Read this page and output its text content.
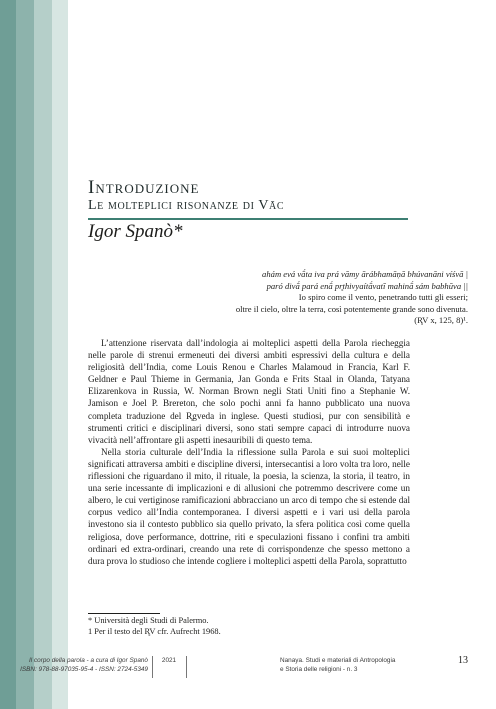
Introduzione
Le molteplici risonanze di Vāc
Igor Spanò*
ahám evá vā́ta iva prá vāmy ārábhamāṇā bhúvanāni víśvā |
paró divā́ pará enā́ pr̥thivyaítā́vatī mahinā́ sám babhūva ||
Io spiro come il vento, penetrando tutti gli esseri;
oltre il cielo, oltre la terra, così potentemente grande sono divenuta.
(R̥V x, 125, 8)¹.

L’attenzione riservata dall’indologia ai molteplici aspetti della Parola riecheggia nelle parole di strenui ermeneuti dei diversi ambiti espressivi della cultura e della religiosità dell’India, come Louis Renou e Charles Malamoud in Francia, Karl F. Geldner e Paul Thieme in Germania, Jan Gonda e Frits Staal in Olanda, Tatyana Elizarenkova in Russia, W. Norman Brown negli Stati Uniti fino a Stephanie W. Jamison e Joel P. Brereton, che solo pochi anni fa hanno pubblicato una nuova completa traduzione del R̥gveda in inglese. Questi studiosi, pur con sensibilità e strumenti critici e disciplinari diversi, sono stati sempre capaci di introdurre nuova vivacità nell’affrontare gli aspetti inesauribili di questo tema.

Nella storia culturale dell’India la riflessione sulla Parola e sui suoi molteplici significati attraversa ambiti e discipline diversi, intersecantisi a loro volta tra loro, nelle riflessioni che riguardano il mito, il rituale, la poesia, la scienza, la storia, il teatro, in una serie incessante di implicazioni e di allusioni che potremmo descrivere come un albero, le cui vertiginose ramificazioni abbracciano un arco di tempo che si estende dal corpus vedico all’India contemporanea. I diversi aspetti e i vari usi della parola investono sia il contesto pubblico sia quello privato, la sfera politica così come quella religiosa, dove performance, dottrine, riti e speculazioni fissano i confini tra ambiti ordinari ed extra-ordinari, creando una rete di corrispondenze che spesso mettono a dura prova lo studioso che intende cogliere i molteplici aspetti della Parola, soprattutto

* Università degli Studi di Palermo.
1 Per il testo del R̥V cfr. Aufrecht 1968.
13
Il corpo della parola - a cura di Igor Spanò
ISBN: 978-88-97035-95-4 - ISSN: 2724-5349
2021	Nanaya. Studi e materiali di Antropologia
e Storia delle religioni - n. 3
